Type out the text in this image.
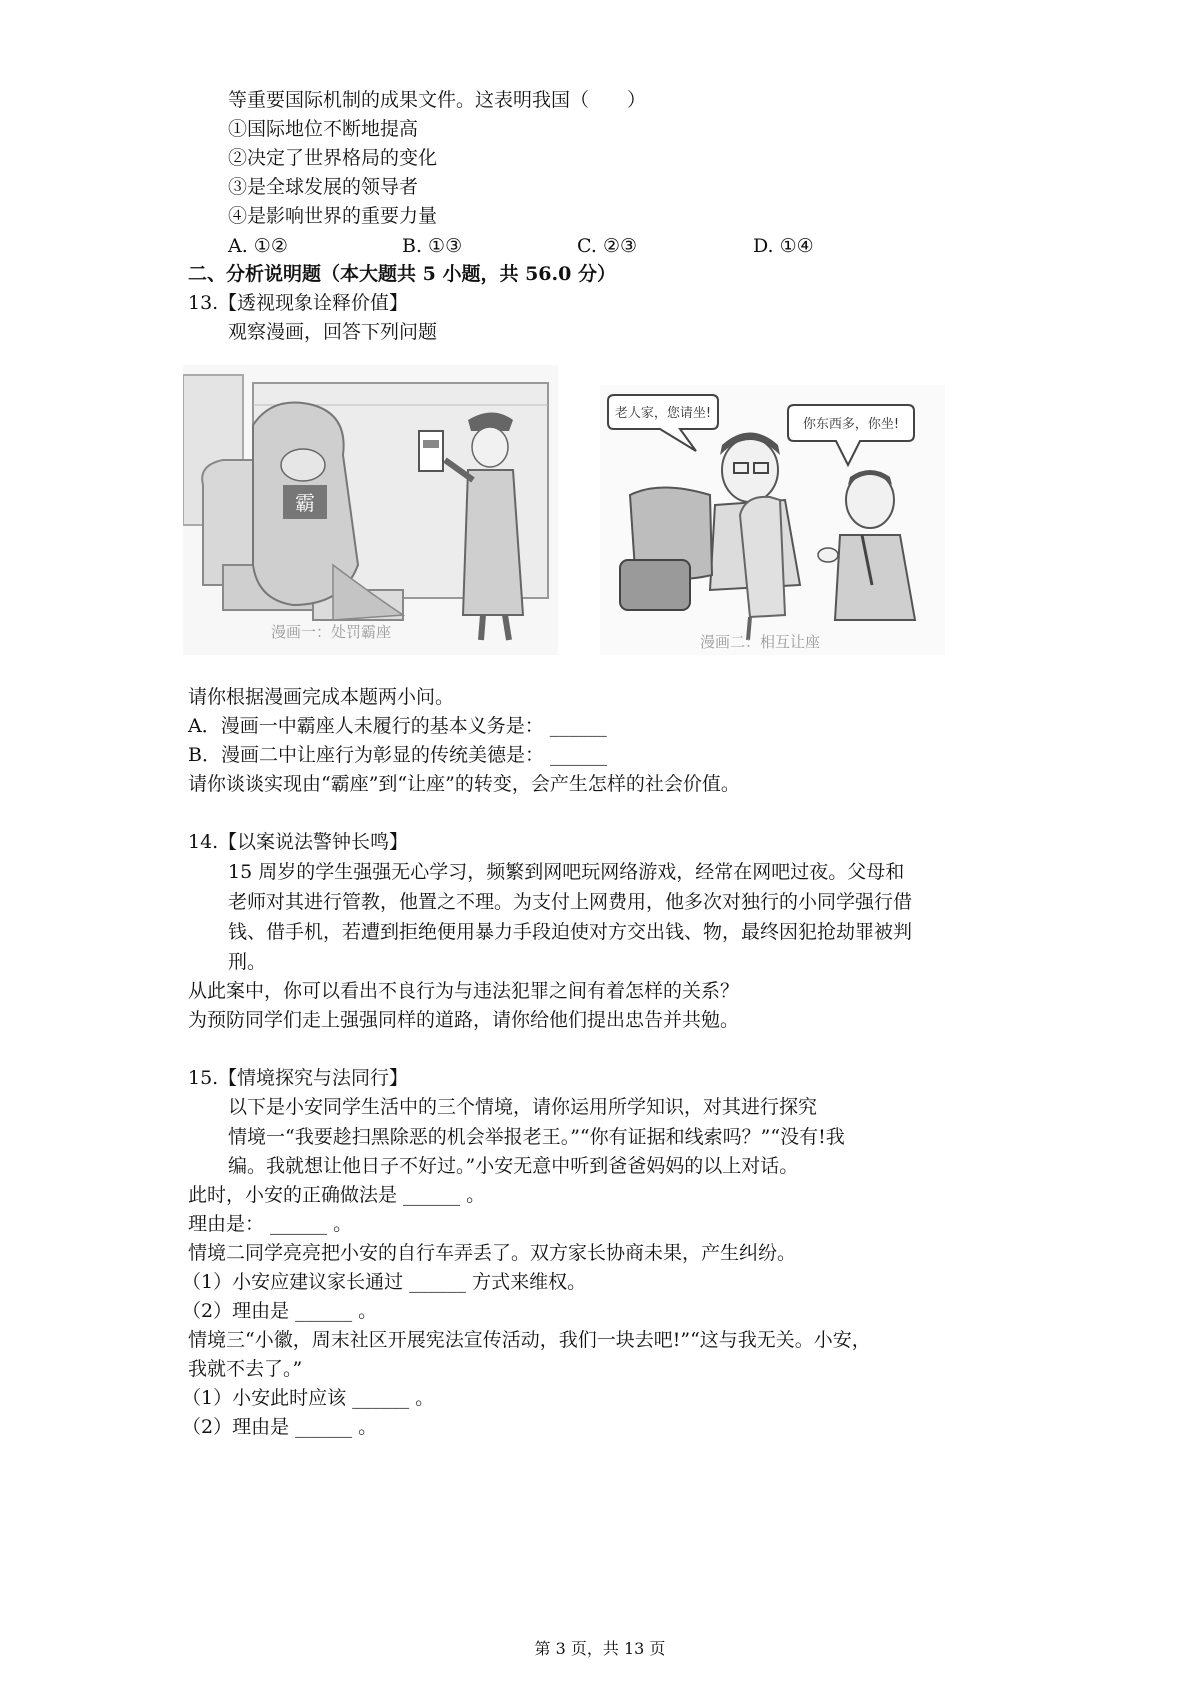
等重要国际机制的成果文件。这表明我国（　　）
①国际地位不断地提高
②决定了世界格局的变化
③是全球发展的领导者
④是影响世界的重要力量
A. ①②	B. ①③	C. ②③	D. ①④
二、分析说明题（本大题共 5 小题，共 56.0 分）
13. 【透视现象诠释价值】
观察漫画，回答下列问题
霸
漫画一：处罚霸座
老人家，您请坐!
你东西多，你坐!
漫画二：相互让座
请你根据漫画完成本题两小问。
A．漫画一中霸座人未履行的基本义务是： ______
B．漫画二中让座行为彰显的传统美德是： ______
请你谈谈实现由“霸座”到“让座”的转变，会产生怎样的社会价值。
14. 【以案说法警钟长鸣】
15 周岁的学生强强无心学习，频繁到网吧玩网络游戏，经常在网吧过夜。父母和
老师对其进行管教，他置之不理。为支付上网费用，他多次对独行的小同学强行借
钱、借手机，若遭到拒绝便用暴力手段迫使对方交出钱、物，最终因犯抢劫罪被判
刑。
从此案中，你可以看出不良行为与违法犯罪之间有着怎样的关系？
为预防同学们走上强强同样的道路，请你给他们提出忠告并共勉。
15. 【情境探究与法同行】
以下是小安同学生活中的三个情境，请你运用所学知识，对其进行探究
情境一“我要趁扫黑除恶的机会举报老王。”“你有证据和线索吗？”“没有!我
编。我就想让他日子不好过。”小安无意中听到爸爸妈妈的以上对话。
此时，小安的正确做法是 ______ 。
理由是： ______ 。
情境二同学亮亮把小安的自行车弄丢了。双方家长协商未果，产生纠纷。
（1）小安应建议家长通过 ______ 方式来维权。
（2）理由是 ______ 。
情境三“小徽，周末社区开展宪法宣传活动，我们一块去吧!”“这与我无关。小安，
我就不去了。”
（1）小安此时应该 ______ 。
（2）理由是 ______ 。
第 3 页，共 13 页
